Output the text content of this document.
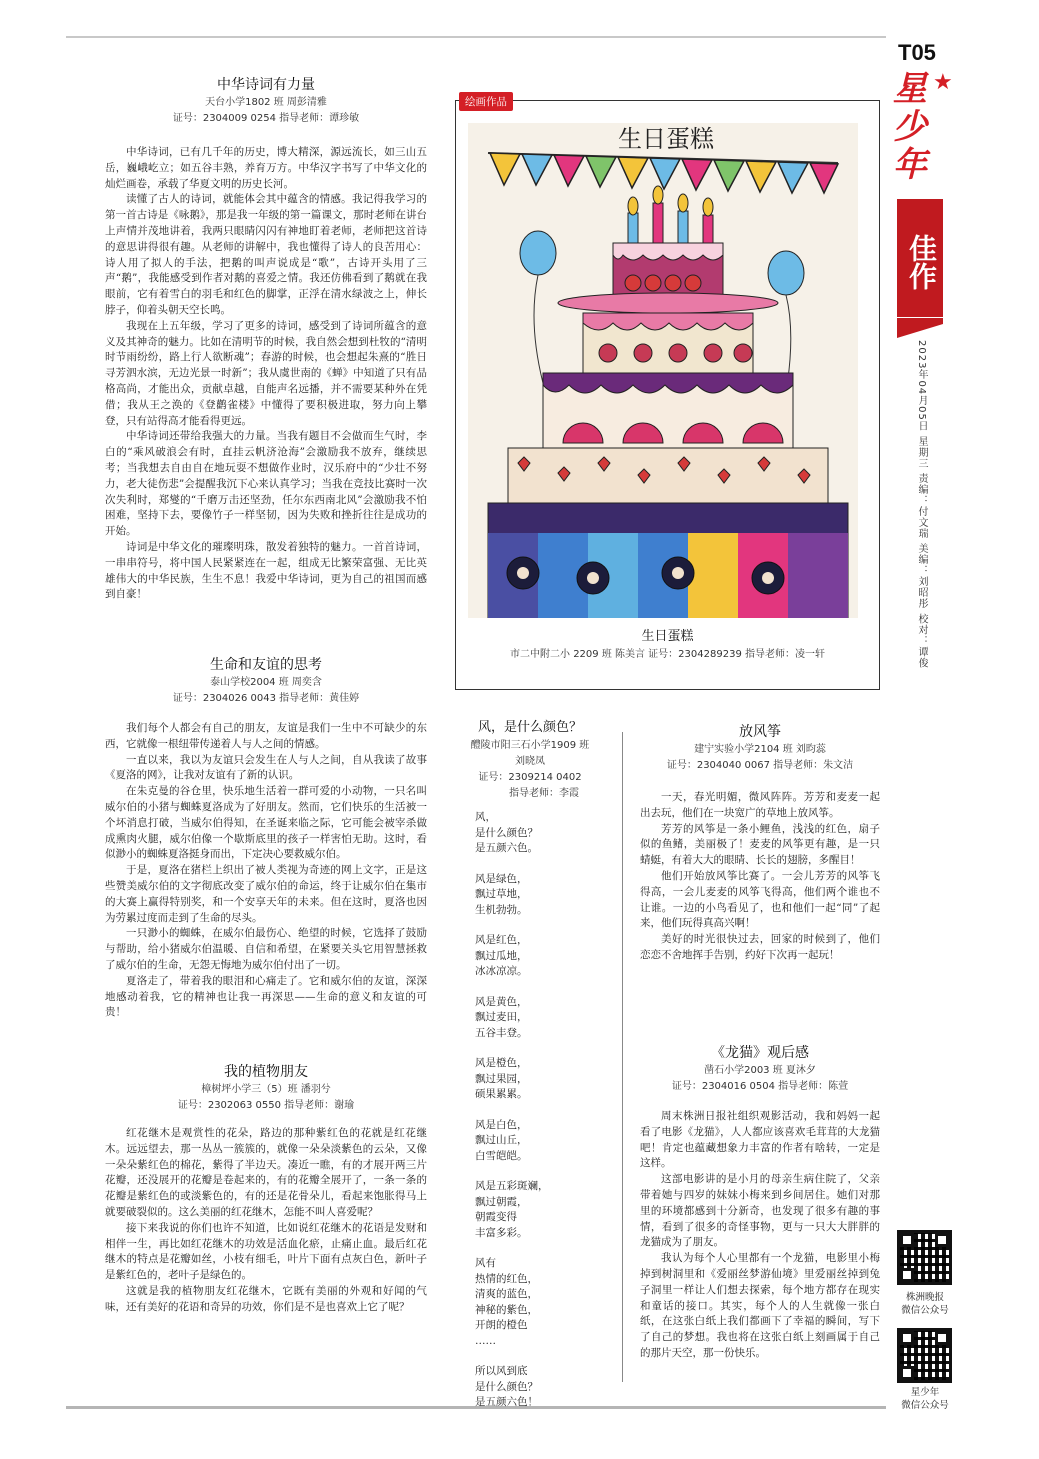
T05
星少年
★
佳作
2023年04月05日 星期三 责编：付文瑞 美编：刘昭彤 校对：谭俊
株洲晚报
微信公众号
星少年
微信公众号
中华诗词有力量
天台小学1802 班 周彭清雅
证号：2304009 0254 指导老师：谭珍敏

中华诗词，已有几千年的历史，博大精深，源远流长，如三山五岳，巍峨屹立；如五谷丰熟，养育万方。中华汉字书写了中华文化的灿烂画卷，承载了华夏文明的历史长河。

读懂了古人的诗词，就能体会其中蕴含的情感。我记得我学习的第一首古诗是《咏鹅》，那是我一年级的第一篇课文，那时老师在讲台上声情并茂地讲着，我两只眼睛闪闪有神地盯着老师，老师把这首诗的意思讲得很有趣。从老师的讲解中，我也懂得了诗人的良苦用心：诗人用了拟人的手法，把鹅的叫声说成是“歌”，古诗开头用了三声“鹅”，我能感受到作者对鹅的喜爱之情。我还仿佛看到了鹅就在我眼前，它有着雪白的羽毛和红色的脚掌，正浮在清水绿波之上，伸长脖子，仰着头朝天空长鸣。

我现在上五年级，学习了更多的诗词，感受到了诗词所蕴含的意义及其神奇的魅力。比如在清明节的时候，我自然会想到杜牧的“清明时节雨纷纷，路上行人欲断魂”；春游的时候，也会想起朱熹的“胜日寻芳泗水滨，无边光景一时新”；我从虞世南的《蝉》中知道了只有品格高尚，才能出众，贡献卓越，自能声名远播，并不需要某种外在凭借；我从王之涣的《登鹳雀楼》中懂得了要积极进取，努力向上攀登，只有站得高才能看得更远。

中华诗词还带给我强大的力量。当我有题目不会做而生气时，李白的“乘风破浪会有时，直挂云帆济沧海”会激励我不放弃，继续思考；当我想去自由自在地玩耍不想做作业时，汉乐府中的“少壮不努力，老大徒伤悲”会提醒我沉下心来认真学习；当我在竞技比赛时一次次失利时，郑燮的“千磨万击还坚劲，任尔东西南北风”会激励我不怕困难，坚持下去，要像竹子一样坚韧，因为失败和挫折往往是成功的开始。

诗词是中华文化的璀璨明珠，散发着独特的魅力。一首首诗词，一串串符号，将中国人民紧紧连在一起，组成无比繁荣富强、无比英雄伟大的中华民族，生生不息！我爱中华诗词，更为自己的祖国而感到自豪！

生命和友谊的思考
泰山学校2004 班 周奕含
证号：2304026 0043 指导老师：黄佳婷

我们每个人都会有自己的朋友，友谊是我们一生中不可缺少的东西，它就像一根纽带传递着人与人之间的情感。

一直以来，我以为友谊只会发生在人与人之间，自从我读了故事《夏洛的网》，让我对友谊有了新的认识。

在朱克曼的谷仓里，快乐地生活着一群可爱的小动物，一只名叫威尔伯的小猪与蜘蛛夏洛成为了好朋友。然而，它们快乐的生活被一个坏消息打破，当威尔伯得知，在圣诞来临之际，它可能会被宰杀做成熏肉火腿，威尔伯像一个歇斯底里的孩子一样害怕无助。这时，看似渺小的蜘蛛夏洛挺身而出，下定决心要救威尔伯。

于是，夏洛在猪栏上织出了被人类视为奇迹的网上文字，正是这些赞美威尔伯的文字彻底改变了威尔伯的命运，终于让威尔伯在集市的大赛上赢得特别奖，和一个安享天年的未来。但在这时，夏洛也因为劳累过度而走到了生命的尽头。

一只渺小的蜘蛛，在威尔伯最伤心、绝望的时候，它选择了鼓励与帮助，给小猪威尔伯温暖、自信和希望，在紧要关头它用智慧拯救了威尔伯的生命，无怨无悔地为威尔伯付出了一切。

夏洛走了，带着我的眼泪和心痛走了。它和威尔伯的友谊，深深地感动着我，它的精神也让我一再深思——生命的意义和友谊的可贵！

我的植物朋友
樟树坪小学三（5）班 潘羽兮
证号：2302063 0550 指导老师：谢瑜

红花继木是观赏性的花朵，路边的那种紫红色的花就是红花继木。远远望去，那一丛丛一簇簇的，就像一朵朵淡紫色的云朵，又像一朵朵紫红色的棉花，紫得了半边天。凑近一瞧，有的才展开两三片花瓣，还没展开的花瓣是卷起来的，有的花瓣全展开了，一条一条的花瓣是紫红色的或淡紫色的，有的还是花骨朵儿，看起来饱胀得马上就要破裂似的。这么美丽的红花继木，怎能不叫人喜爱呢？

接下来我说的你们也许不知道，比如说红花继木的花语是发财和相伴一生，再比如红花继木的功效是活血化瘀，止痛止血。最后红花继木的特点是花瓣如丝，小枝有细毛，叶片下面有点灰白色，新叶子是紫红色的，老叶子是绿色的。

这就是我的植物朋友红花继木，它既有美丽的外观和好闻的气味，还有美好的花语和奇异的功效，你们是不是也喜欢上它了呢？

绘画作品
生日蛋糕
生日蛋糕
市二中附二小 2209 班 陈美言 证号：2304289239 指导老师：凌一轩
风，是什么颜色？
醴陵市阳三石小学1909 班
刘晓凤
证号：2309214 0402
指导老师：李霞
风，
是什么颜色？
是五颜六色。
风是绿色，
飘过草地，
生机勃勃。
风是红色，
飘过瓜地，
冰冰凉凉。
风是黄色，
飘过麦田，
五谷丰登。
风是橙色，
飘过果园，
硕果累累。
风是白色，
飘过山丘，
白雪皑皑。
风是五彩斑斓，
飘过朝霞，
朝霞变得
丰富多彩。
风有
热情的红色，
清爽的蓝色，
神秘的紫色，
开朗的橙色
……
所以风到底
是什么颜色？
是五颜六色！
放风筝
建宁实验小学2104 班 刘昀蕊
证号：2304040 0067 指导老师：朱文洁

一天，春光明媚，微风阵阵。芳芳和麦麦一起出去玩，他们在一块宽广的草地上放风筝。

芳芳的风筝是一条小鲤鱼，浅浅的红色，扇子似的鱼鳍，美丽极了！麦麦的风筝更有趣，是一只蜻蜓，有着大大的眼睛、长长的翅膀，多醒目！

他们开始放风筝比赛了。一会儿芳芳的风筝飞得高，一会儿麦麦的风筝飞得高，他们两个谁也不让谁。一边的小鸟看见了，也和他们一起“同”了起来，他们玩得真高兴啊！

美好的时光很快过去，回家的时候到了，他们恋恋不舍地挥手告别，约好下次再一起玩！

《龙猫》观后感
凿石小学2003 班 夏沐夕
证号：2304016 0504 指导老师：陈萱

周末株洲日报社组织观影活动，我和妈妈一起看了电影《龙猫》，人人都应该喜欢毛茸茸的大龙猫吧！肯定也蕴藏想象力丰富的作者有啥转，一定是这样。

这部电影讲的是小月的母亲生病住院了，父亲带着她与四岁的妹妹小梅来到乡间居住。她们对那里的环境都感到十分新奇，也发现了很多有趣的事情，看到了很多的奇怪事物，更与一只大大胖胖的龙猫成为了朋友。

我认为每个人心里都有一个龙猫，电影里小梅掉到树洞里和《爱丽丝梦游仙境》里爱丽丝掉到兔子洞里一样让人们想去探索，每个地方都存在现实和童话的接口。其实，每个人的人生就像一张白纸，在这张白纸上我们都画下了幸福的瞬间，写下了自己的梦想。我也将在这张白纸上刻画属于自己的那片天空，那一份快乐。
